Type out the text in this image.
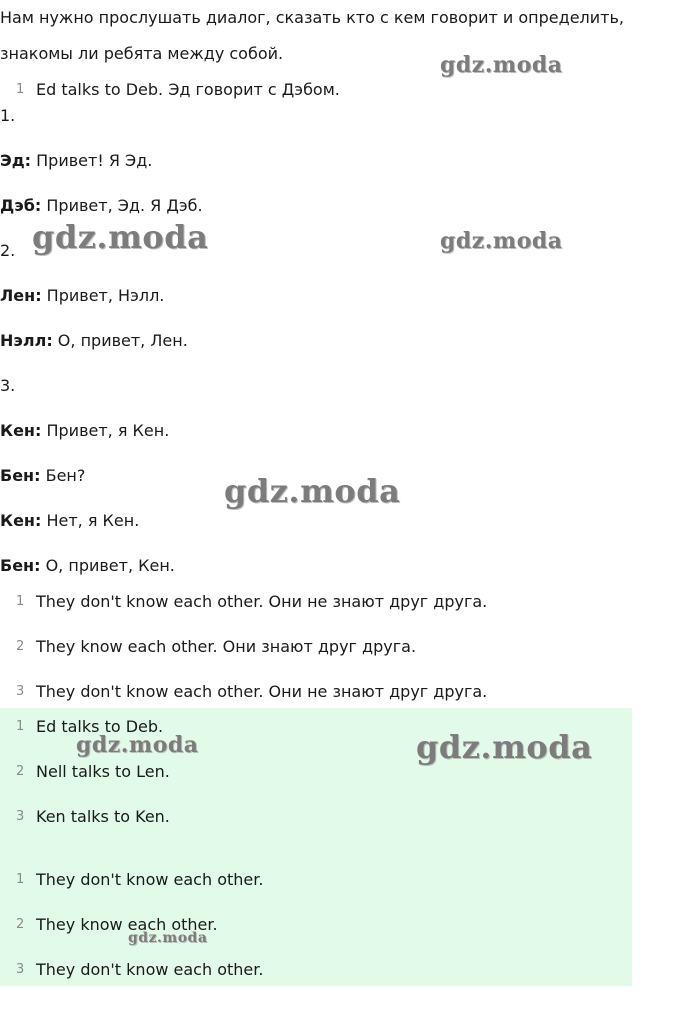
Нам нужно прослушать диалог, сказать кто с кем говорит и определить,
знакомы ли ребята между собой.
1 Ed talks to Deb. Эд говорит с Дэбом.
1.
Эд: Привет! Я Эд.
Дэб: Привет, Эд. Я Дэб.
2.
Лен: Привет, Нэлл.
Нэлл: О, привет, Лен.
3.
Кен: Привет, я Кен.
Бен: Бен?
Кен: Нет, я Кен.
Бен: О, привет, Кен.
1 They don't know each other. Они не знают друг друга.
2 They know each other. Они знают друг друга.
3 They don't know each other. Они не знают друг друга.
1 Ed talks to Deb.
2 Nell talks to Len.
3 Ken talks to Ken.
1 They don't know each other.
2 They know each other.
3 They don't know each other.
gdz.moda
gdz.moda	gdz.moda
gdz.moda
gdz.moda	gdz.moda
gdz.moda
